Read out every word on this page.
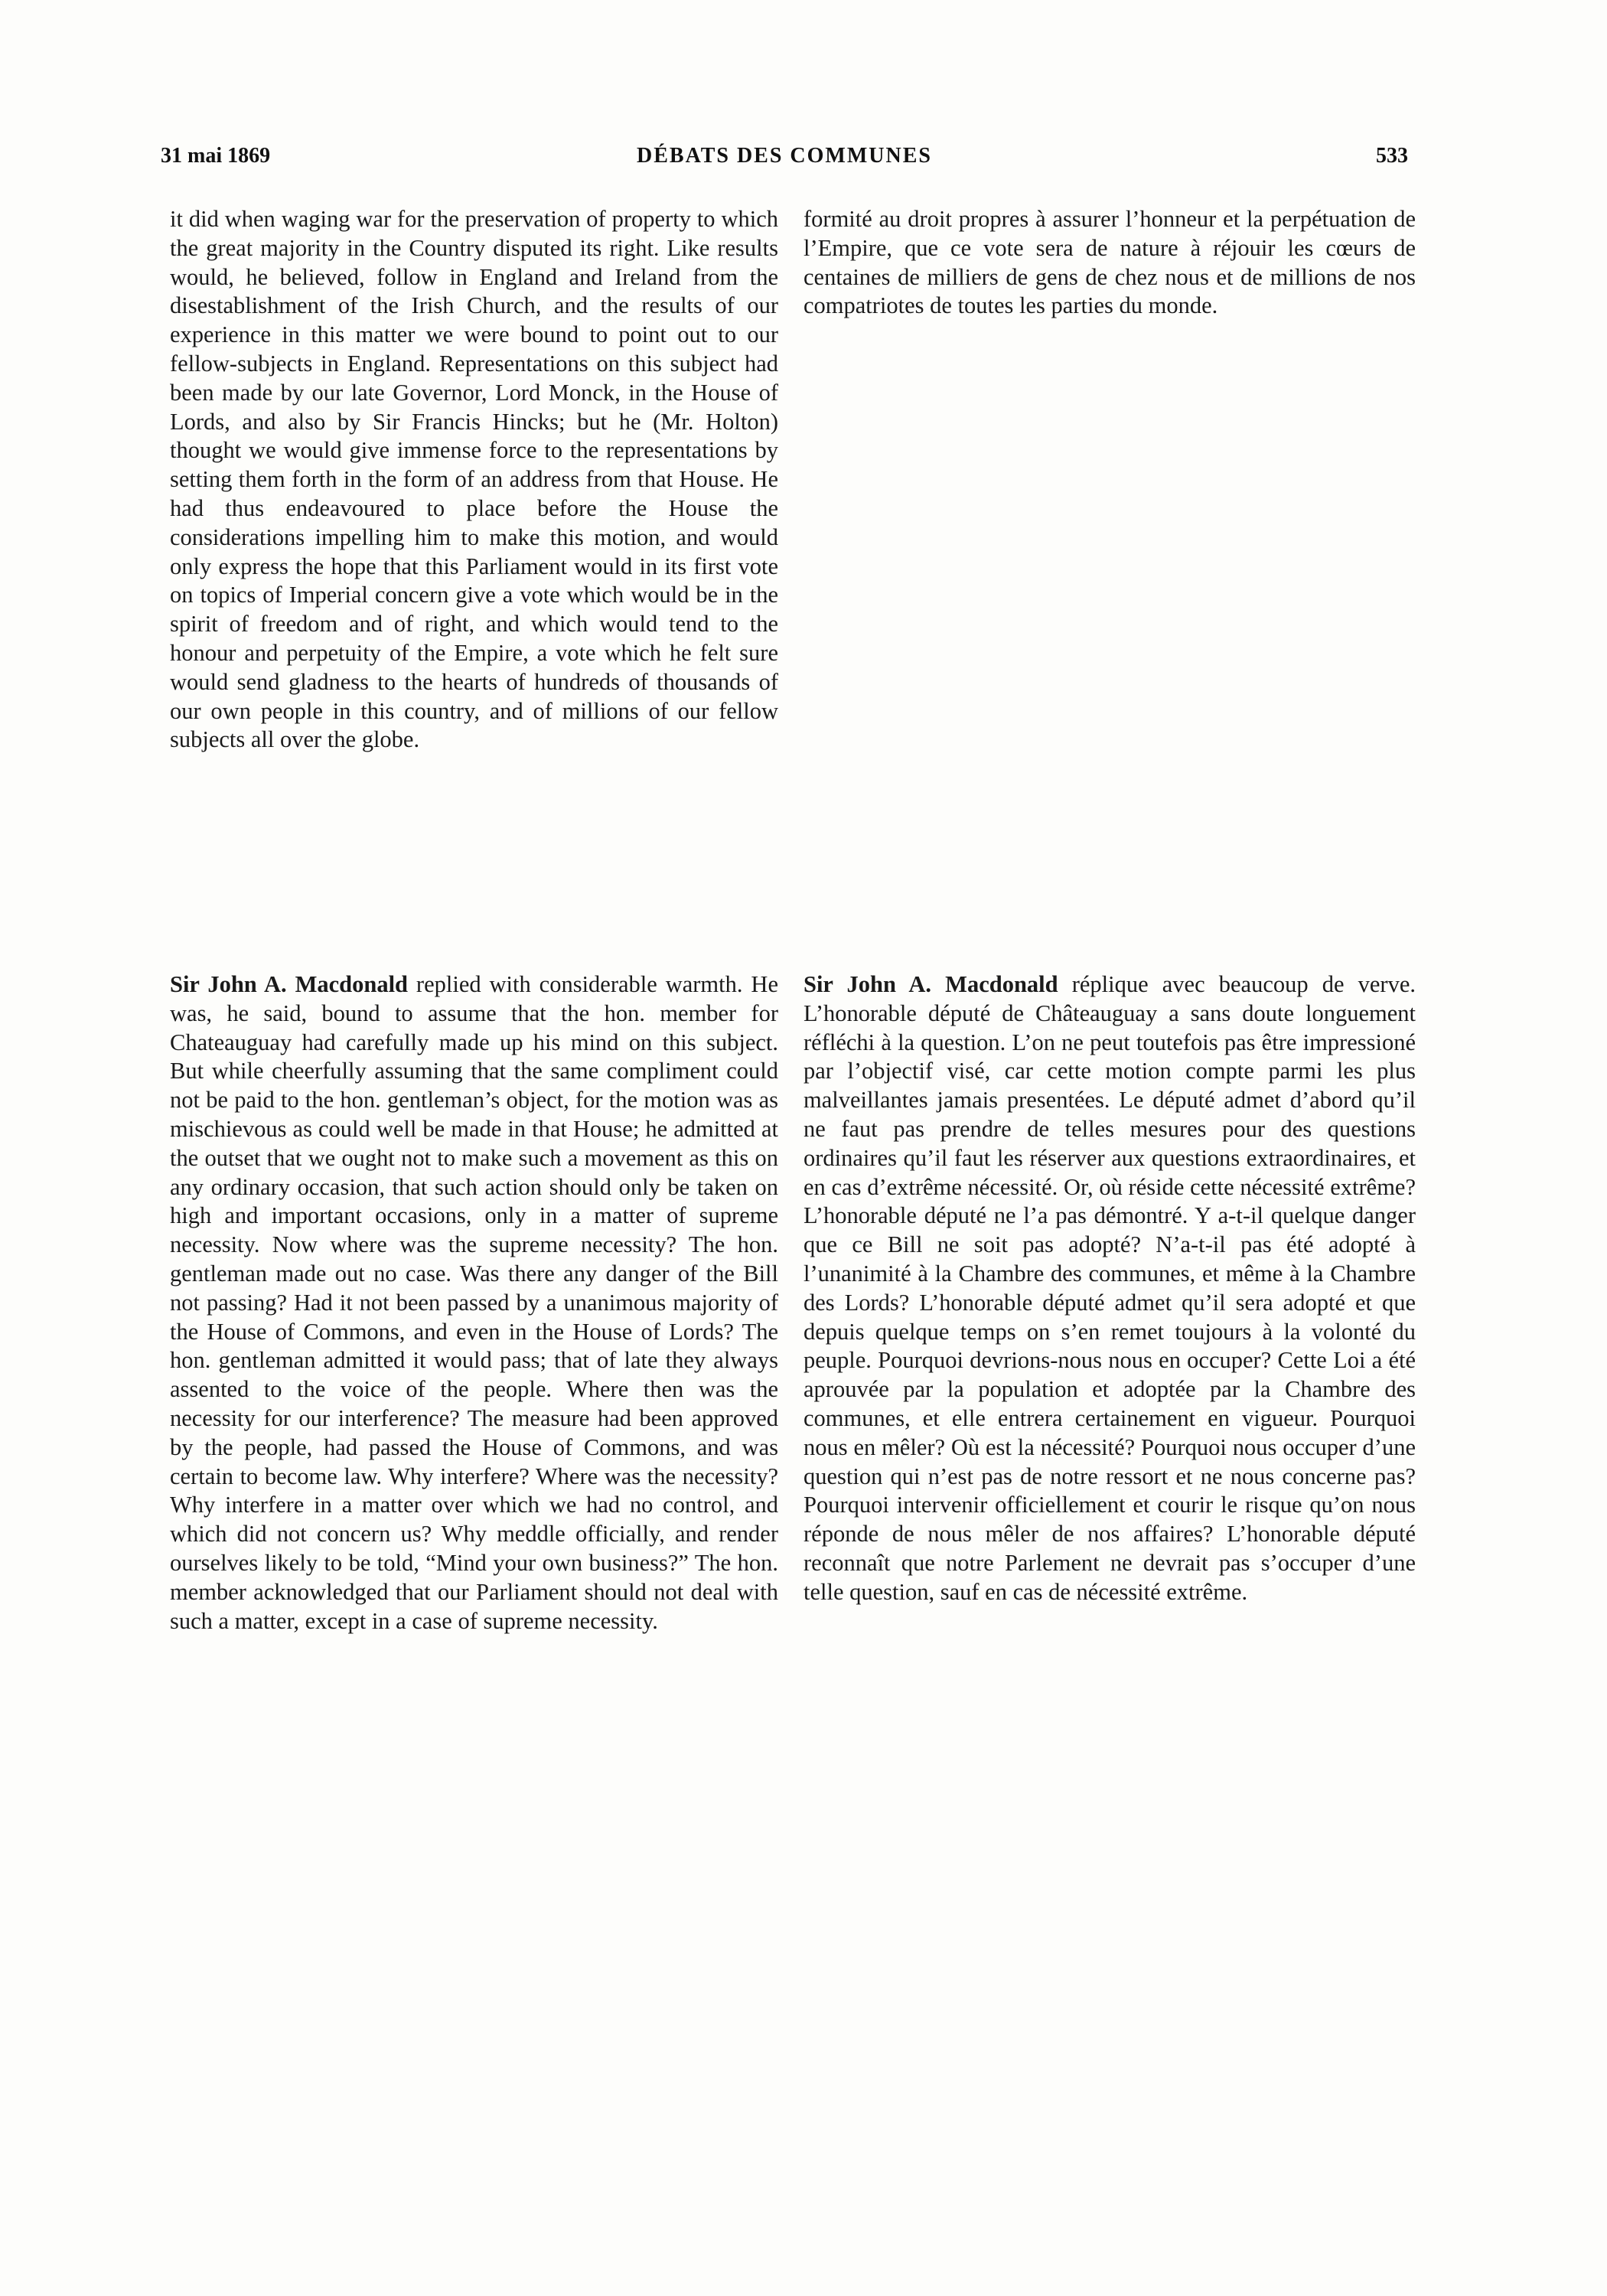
31 mai 1869	DÉBATS DES COMMUNES	533

it did when waging war for the preservation of property to which the great majority in the Country disputed its right. Like results would, he believed, follow in England and Ireland from the disestablishment of the Irish Church, and the results of our experience in this matter we were bound to point out to our fellow-subjects in England. Representations on this subject had been made by our late Governor, Lord Monck, in the House of Lords, and also by Sir Francis Hincks; but he (Mr. Holton) thought we would give immense force to the representations by setting them forth in the form of an address from that House. He had thus endeavoured to place before the House the considerations impelling him to make this motion, and would only express the hope that this Parliament would in its first vote on topics of Imperial concern give a vote which would be in the spirit of freedom and of right, and which would tend to the honour and perpetuity of the Empire, a vote which he felt sure would send gladness to the hearts of hundreds of thousands of our own people in this country, and of millions of our fellow subjects all over the globe.

formité au droit propres à assurer l’honneur et la perpétuation de l’Empire, que ce vote sera de nature à réjouir les cœurs de centaines de milliers de gens de chez nous et de millions de nos compatriotes de toutes les parties du monde.

Sir John A. Macdonald replied with considerable warmth. He was, he said, bound to assume that the hon. member for Chateauguay had carefully made up his mind on this subject. But while cheerfully assuming that the same compliment could not be paid to the hon. gentleman’s object, for the motion was as mischievous as could well be made in that House; he admitted at the outset that we ought not to make such a movement as this on any ordinary occasion, that such action should only be taken on high and important occasions, only in a matter of supreme necessity. Now where was the supreme necessity? The hon. gentleman made out no case. Was there any danger of the Bill not passing? Had it not been passed by a unanimous majority of the House of Commons, and even in the House of Lords? The hon. gentleman admitted it would pass; that of late they always assented to the voice of the people. Where then was the necessity for our interference? The measure had been approved by the people, had passed the House of Commons, and was certain to become law. Why interfere? Where was the necessity? Why interfere in a matter over which we had no control, and which did not concern us? Why meddle officially, and render ourselves likely to be told, “Mind your own business?” The hon. member acknowledged that our Parliament should not deal with such a matter, except in a case of supreme necessity.

Sir John A. Macdonald réplique avec beaucoup de verve. L’honorable député de Châteauguay a sans doute longuement réfléchi à la question. L’on ne peut toutefois pas être impressioné par l’objectif visé, car cette motion compte parmi les plus malveillantes jamais presentées. Le député admet d’abord qu’il ne faut pas prendre de telles mesures pour des questions ordinaires qu’il faut les réserver aux questions extraordinaires, et en cas d’extrême nécessité. Or, où réside cette nécessité extrême? L’honorable député ne l’a pas démontré. Y a-t-il quelque danger que ce Bill ne soit pas adopté? N’a-t-il pas été adopté à l’unanimité à la Chambre des communes, et même à la Chambre des Lords? L’honorable député admet qu’il sera adopté et que depuis quelque temps on s’en remet toujours à la volonté du peuple. Pourquoi devrions-nous nous en occuper? Cette Loi a été aprouvée par la population et adoptée par la Chambre des communes, et elle entrera certainement en vigueur. Pourquoi nous en mêler? Où est la nécessité? Pourquoi nous occuper d’une question qui n’est pas de notre ressort et ne nous concerne pas? Pourquoi intervenir officiellement et courir le risque qu’on nous réponde de nous mêler de nos affaires? L’honorable député reconnaît que notre Parlement ne devrait pas s’occuper d’une telle question, sauf en cas de nécessité extrême.
